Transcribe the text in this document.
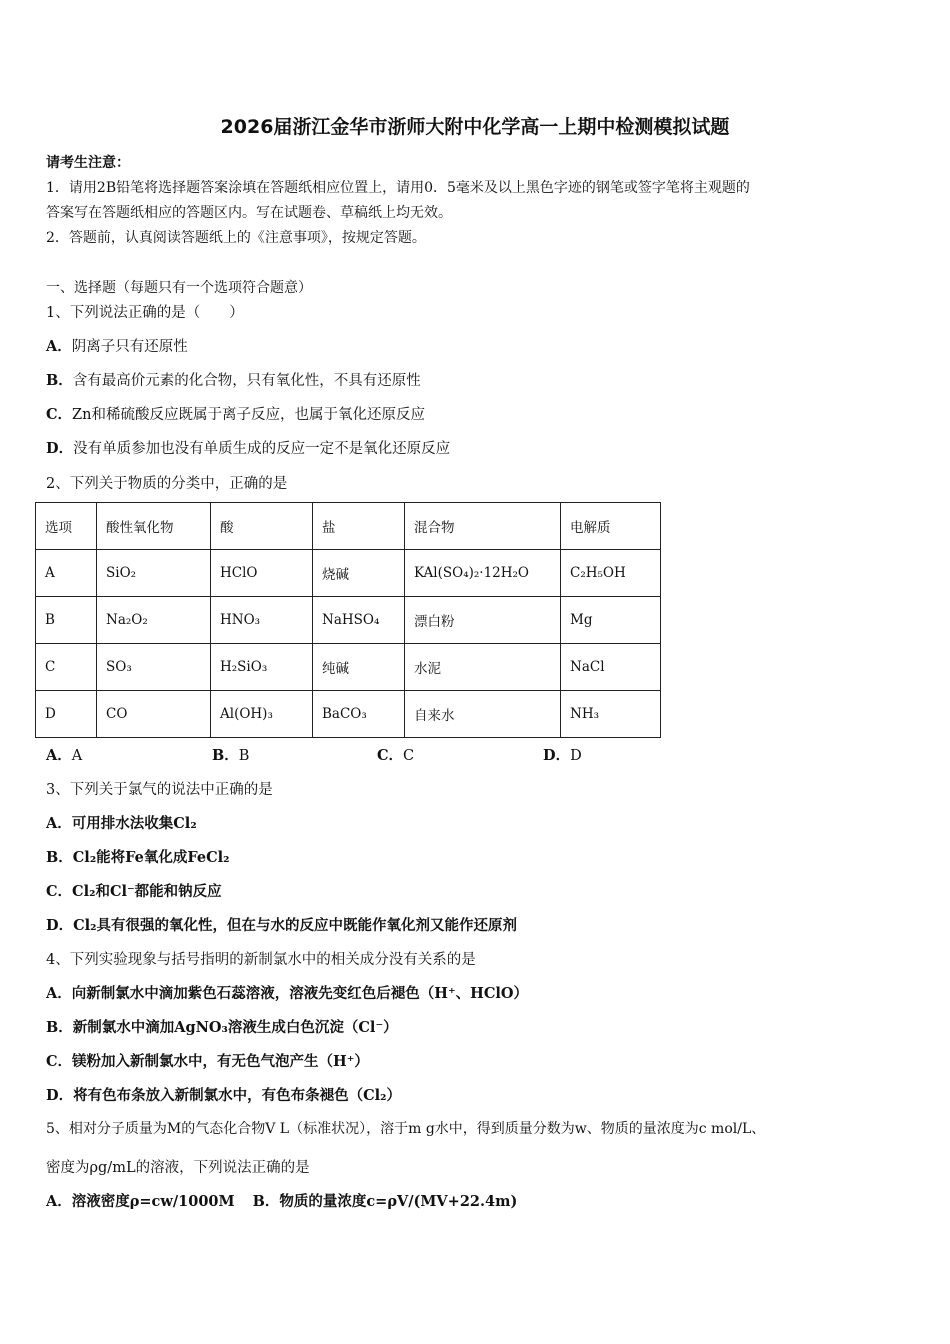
2026届浙江金华市浙师大附中化学高一上期中检测模拟试题
请考生注意：
1．请用2B铅笔将选择题答案涂填在答题纸相应位置上，请用0．5毫米及以上黑色字迹的钢笔或签字笔将主观题的
答案写在答题纸相应的答题区内。写在试题卷、草稿纸上均无效。
2．答题前，认真阅读答题纸上的《注意事项》，按规定答题。
一、选择题（每题只有一个选项符合题意）
1、下列说法正确的是（　　）
A．阴离子只有还原性
B．含有最高价元素的化合物，只有氧化性，不具有还原性
C．Zn和稀硫酸反应既属于离子反应，也属于氧化还原反应
D．没有单质参加也没有单质生成的反应一定不是氧化还原反应
2、下列关于物质的分类中，正确的是
选项	酸性氧化物	酸	盐	混合物	电解质
A	SiO₂	HClO	烧碱	KAl(SO₄)₂·12H₂O	C₂H₅OH
B	Na₂O₂	HNO₃	NaHSO₄	漂白粉	Mg
C	SO₃	H₂SiO₃	纯碱	水泥	NaCl
D	CO	Al(OH)₃	BaCO₃	自来水	NH₃
A．A	B．B	C．C	D．D
3、下列关于氯气的说法中正确的是
A．可用排水法收集Cl₂
B．Cl₂能将Fe氧化成FeCl₂
C．Cl₂和Cl⁻都能和钠反应
D．Cl₂具有很强的氧化性，但在与水的反应中既能作氧化剂又能作还原剂
4、下列实验现象与括号指明的新制氯水中的相关成分没有关系的是
A．向新制氯水中滴加紫色石蕊溶液，溶液先变红色后褪色（H⁺、HClO）
B．新制氯水中滴加AgNO₃溶液生成白色沉淀（Cl⁻）
C．镁粉加入新制氯水中，有无色气泡产生（H⁺）
D．将有色布条放入新制氯水中，有色布条褪色（Cl₂）
5、相对分子质量为M的气态化合物V L（标准状况），溶于m g水中，得到质量分数为w、物质的量浓度为c mol/L、
密度为ρg/mL的溶液，下列说法正确的是
A．溶液密度ρ=cw/1000M B．物质的量浓度c=ρV/(MV+22.4m)
